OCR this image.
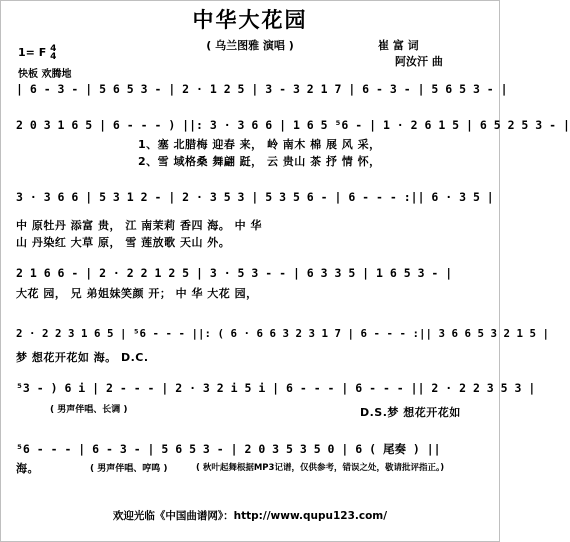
中华大花园
( 乌兰图雅 演唱 )	崔 富 词
阿汝汗 曲
1= F 4
4
快板 欢腾地
| 6 - 3 - | 5 6 5 3 - | 2 · 1 2 5 | 3 - 3 2 1 7 | 6 - 3 - | 5 6 5 3 - |
2 0 3 1 6 5 | 6 - - - ) ||: 3 · 3 6 6 | 1 6 5 ⁵6 - | 1 · 2 6 1 5 | 6 5 2 5 3 - |
1、塞 北腊梅 迎春 来， 岭 南木 棉 展 风 采，
2、雪 域格桑 舞翩 跹， 云 贵山 茶 抒 情 怀，
3 · 3 6 6 | 5 3 1 2 - | 2 · 3 5 3 | 5 3 5 6 - | 6 - - - :|| 6 · 3 5 |
中 原牡丹 添富 贵， 江 南茉莉 香四 海。 中 华
山 丹染红 大草 原， 雪 莲放歌 天山 外。
2 1 6 6 - | 2 · 2 2 1 2 5 | 3 · 5 3 - - | 6 3 3 5 | 1 6 5 3 - |
大花 园， 兄 弟姐妹笑颜 开； 中 华 大花 园，
2 · 2 2 3 1 6 5 | ⁵6 - - - ||: ( 6 · 6 6 3 2 3 1 7 | 6 - - - :|| 3 6 6 5 3 2 1 5 |
梦 想花开花如 海。 D.C.
⁵3 - ) 6 i | 2 - - - | 2 · 3 2 i 5 i | 6 - - - | 6 - - - || 2 · 2 2 3 5 3 |
( 男声伴唱、长调 )	D.S.梦 想花开花如
⁵6 - - - | 6 - 3 - | 5 6 5 3 - | 2 0 3 5 3 5 0 | 6 ( 尾奏 ) ||
海。	( 男声伴唱、哼鸣 )	( 秋叶起舞根据MP3记谱，仅供参考，错误之处，敬请批评指正。)
欢迎光临《中国曲谱网》：http://www.qupu123.com/
